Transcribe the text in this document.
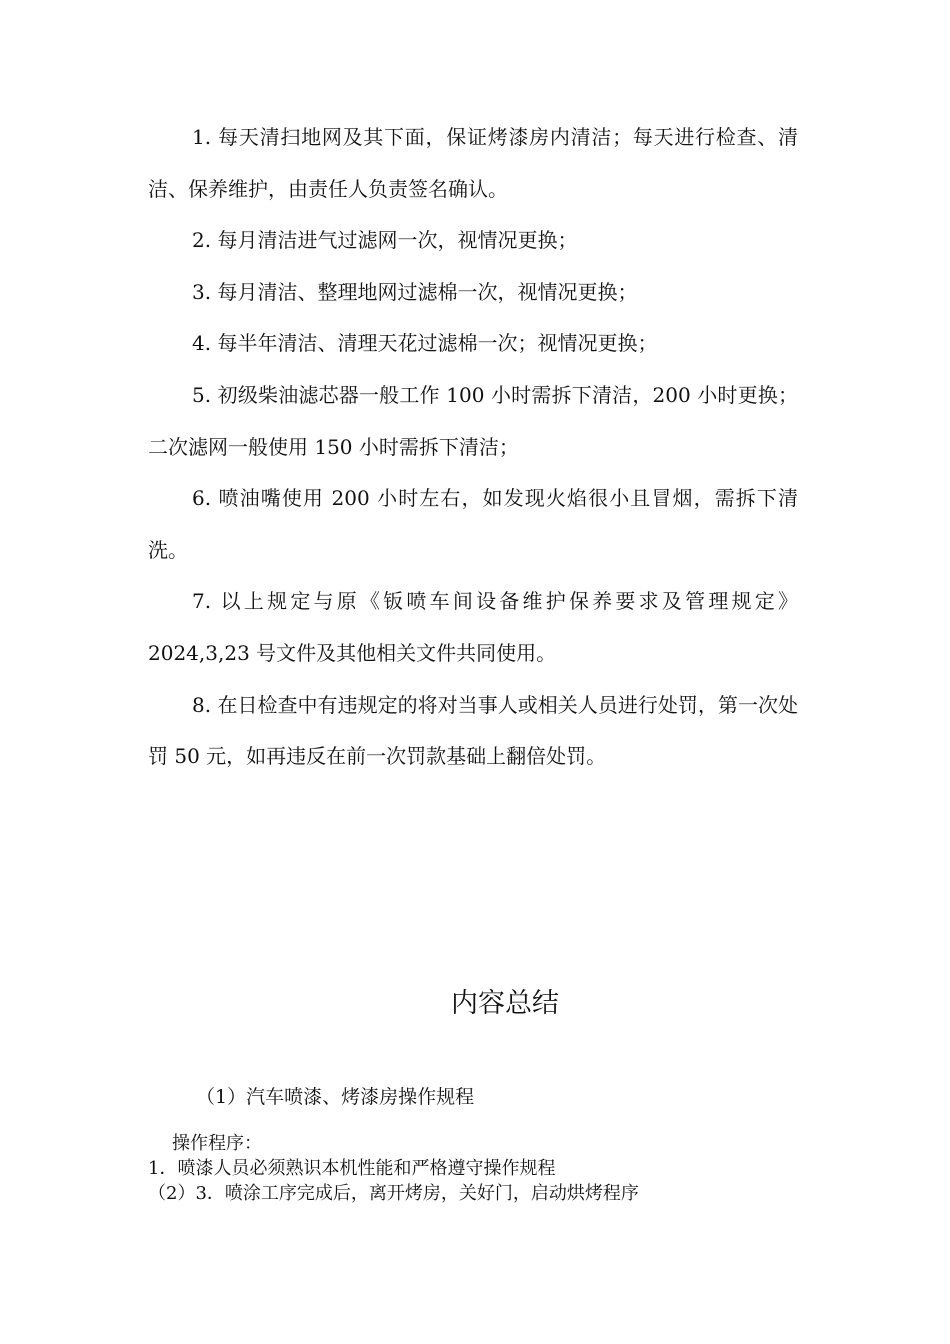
1. 每天清扫地网及其下面，保证烤漆房内清洁；每天进行检查、清洁、保养维护，由责任人负责签名确认。

2. 每月清洁进气过滤网一次，视情况更换；

3. 每月清洁、整理地网过滤棉一次，视情况更换；

4. 每半年清洁、清理天花过滤棉一次；视情况更换；

5. 初级柴油滤芯器一般工作 100 小时需拆下清洁，200 小时更换；二次滤网一般使用 150 小时需拆下清洁；

6. 喷油嘴使用 200 小时左右，如发现火焰很小且冒烟，需拆下清洗。

7. 以上规定与原《钣喷车间设备维护保养要求及管理规定》2024,3,23 号文件及其他相关文件共同使用。

8. 在日检查中有违规定的将对当事人或相关人员进行处罚，第一次处罚 50 元，如再违反在前一次罚款基础上翻倍处罚。

内容总结

（1）汽车喷漆、烤漆房操作规程

操作程序：

1．喷漆人员必须熟识本机性能和严格遵守操作规程

（2）3．喷涂工序完成后，离开烤房，关好门，启动烘烤程序
